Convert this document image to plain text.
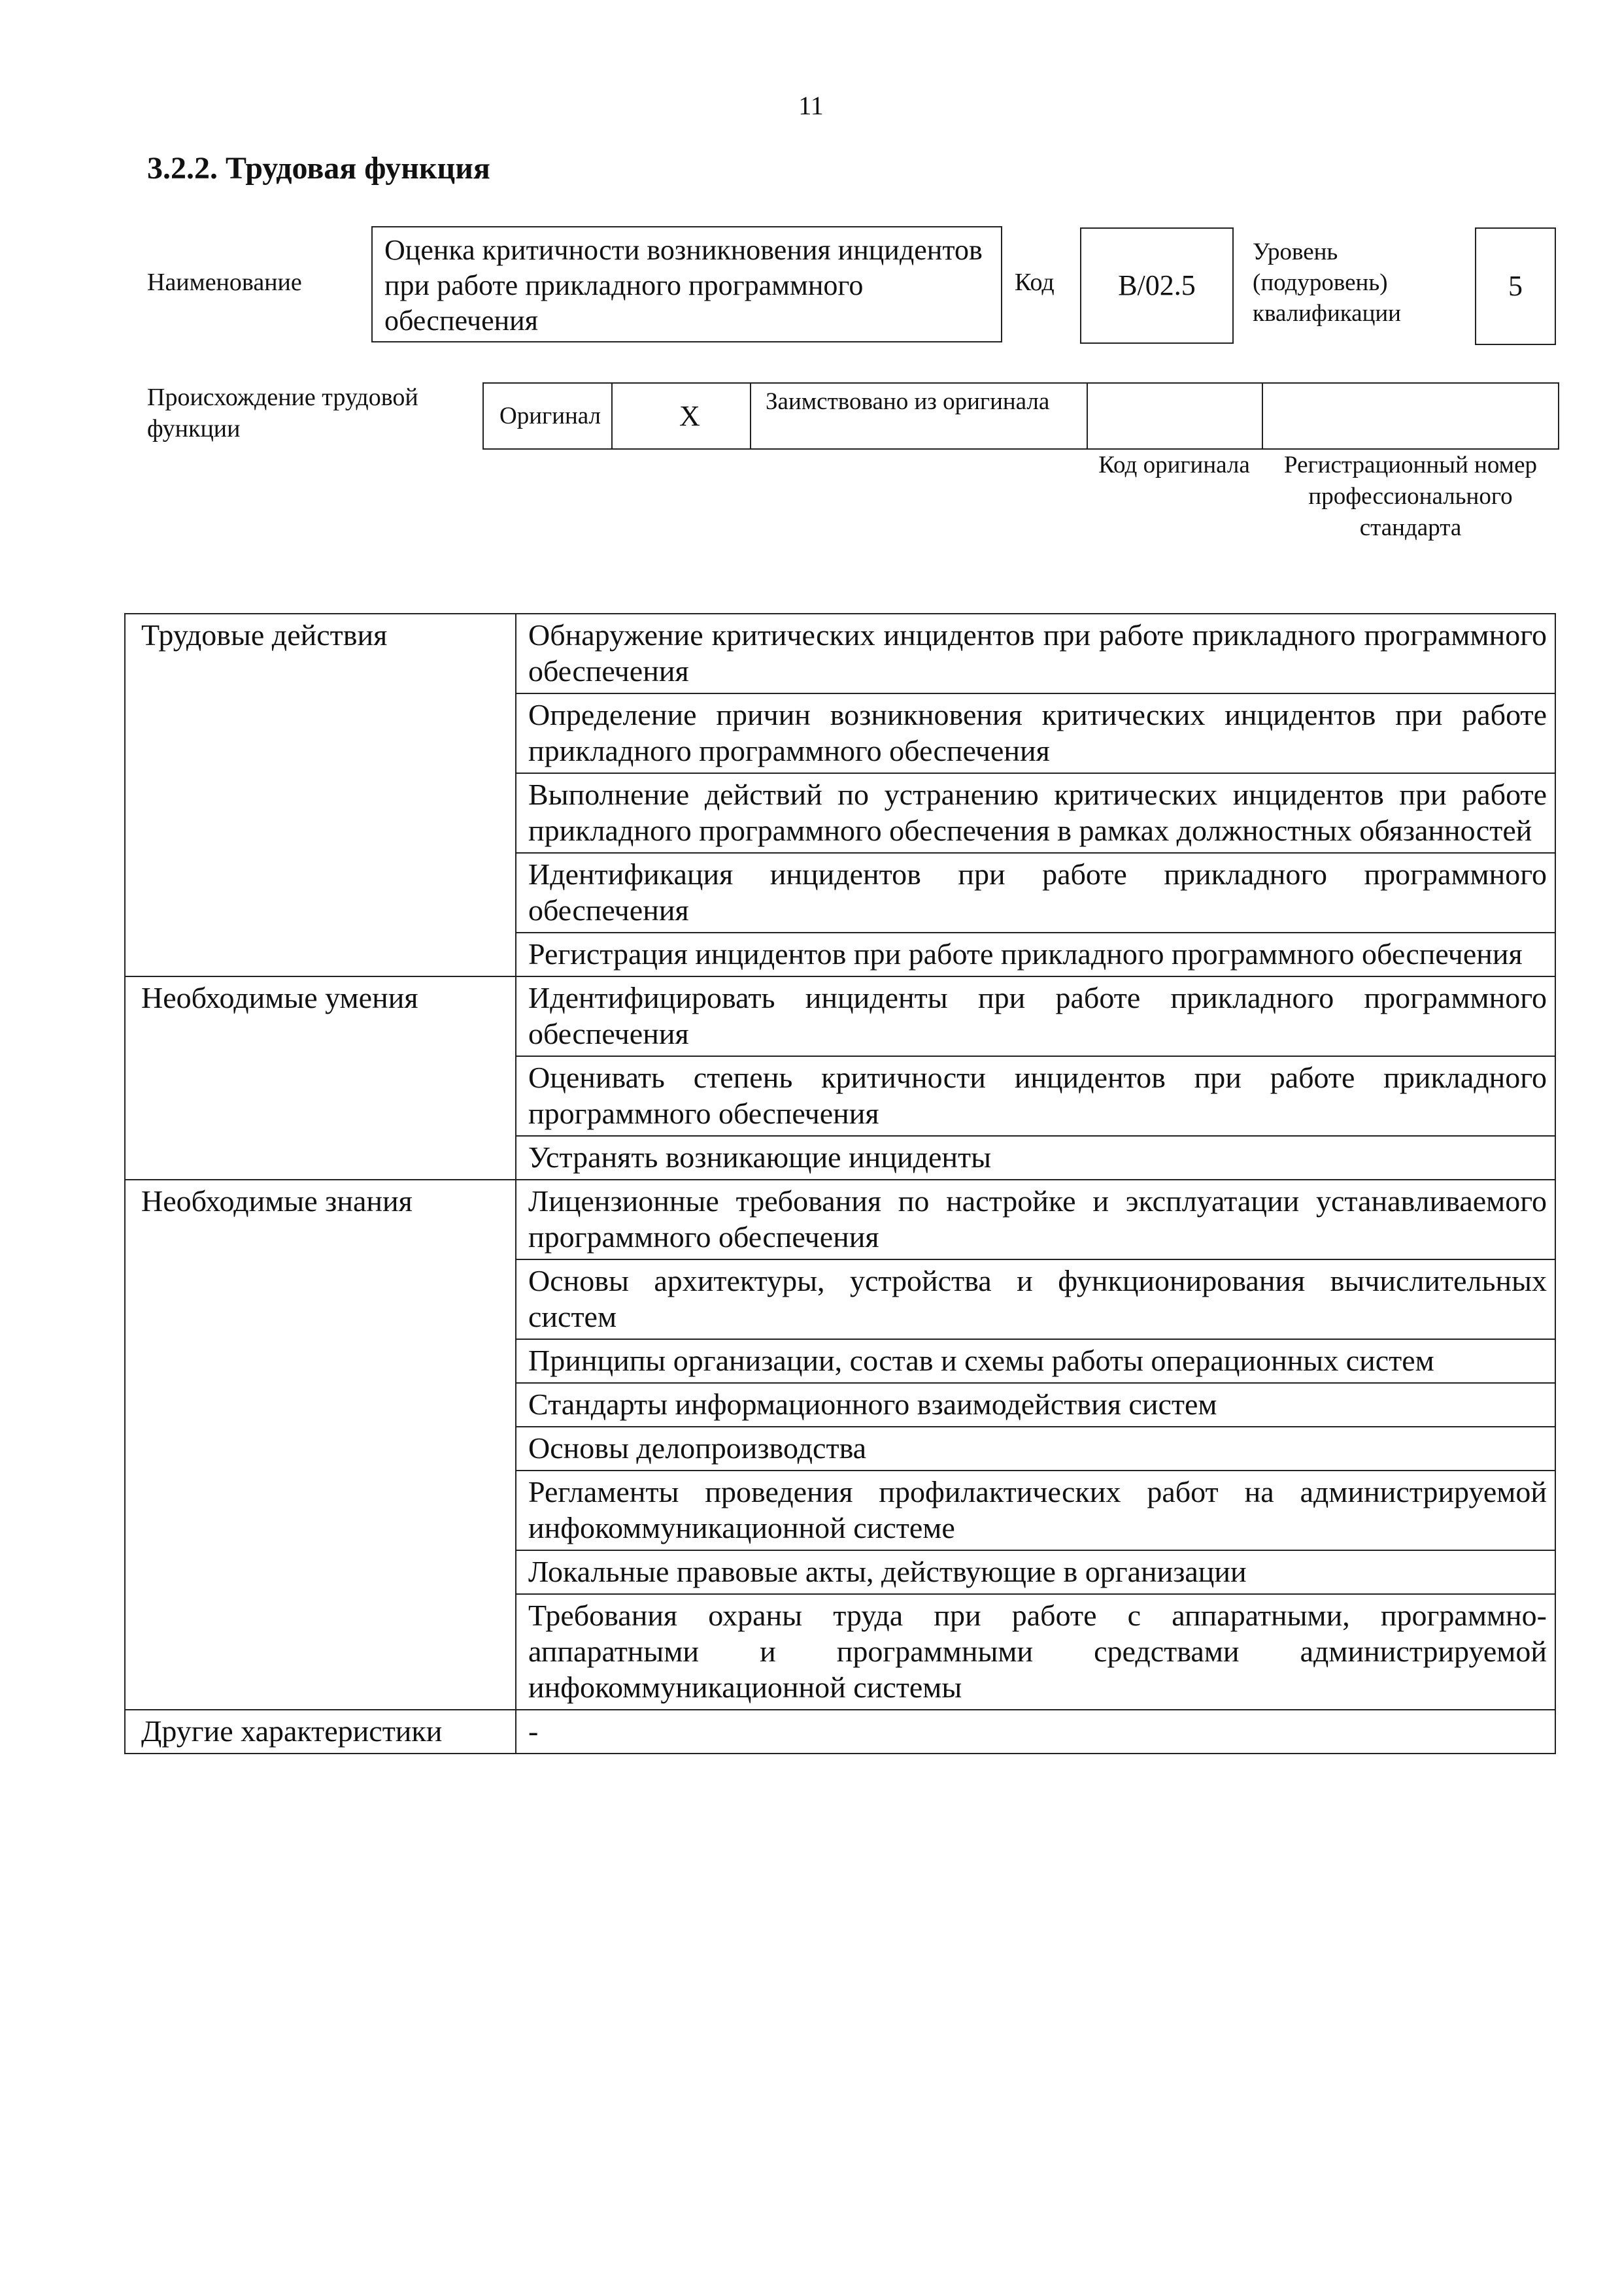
11
3.2.2. Трудовая функция
Наименование
Оценка критичности возникновения инцидентов при работе прикладного программного обеспечения
Код	B/02.5
Уровень (подуровень) квалификации
5
Происхождение трудовой функции	Оригинал	X	Заимствовано из оригинала
Код оригинала	Регистрационный номер профессионального стандарта
Трудовые действия	Обнаружение критических инцидентов при работе прикладного программного обеспечения
	Определение причин возникновения критических инцидентов при работе прикладного программного обеспечения
	Выполнение действий по устранению критических инцидентов при работе прикладного программного обеспечения в рамках должностных обязанностей
	Идентификация инцидентов при работе прикладного программного обеспечения
	Регистрация инцидентов при работе прикладного программного обеспечения
Необходимые умения	Идентифицировать инциденты при работе прикладного программного обеспечения
	Оценивать степень критичности инцидентов при работе прикладного программного обеспечения
	Устранять возникающие инциденты
Необходимые знания	Лицензионные требования по настройке и эксплуатации устанавливаемого программного обеспечения
	Основы архитектуры, устройства и функционирования вычислительных систем
	Принципы организации, состав и схемы работы операционных систем
	Стандарты информационного взаимодействия систем
	Основы делопроизводства
	Регламенты проведения профилактических работ на администрируемой инфокоммуникационной системе
	Локальные правовые акты, действующие в организации
	Требования охраны труда при работе с аппаратными, программно-аппаратными и программными средствами администрируемой инфокоммуникационной системы
Другие характеристики	-
